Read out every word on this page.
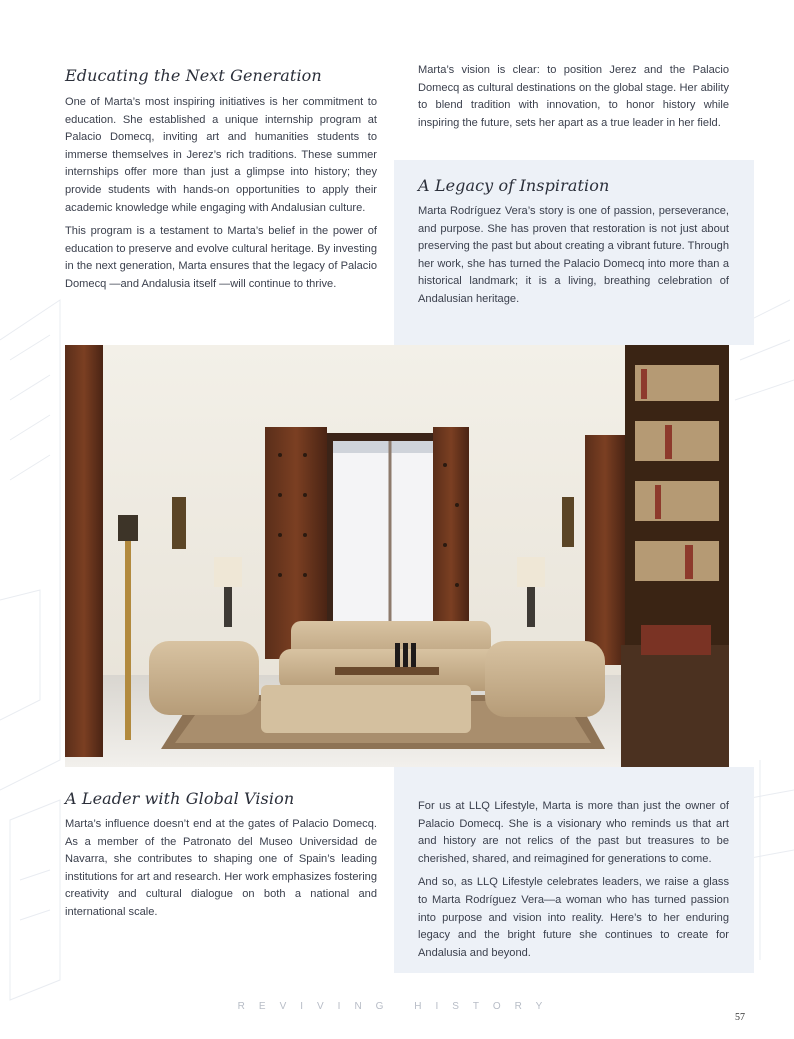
Educating the Next Generation

One of Marta’s most inspiring initiatives is her commitment to education. She established a unique internship program at Palacio Domecq, inviting art and humanities students to immerse themselves in Jerez’s rich traditions. These summer internships offer more than just a glimpse into history; they provide students with hands-on opportunities to apply their academic knowledge while engaging with Andalusian culture.

This program is a testament to Marta’s belief in the power of education to preserve and evolve cultural heritage. By investing in the next generation, Marta ensures that the legacy of Palacio Domecq —and Andalusia itself —will continue to thrive.

Marta’s vision is clear: to position Jerez and the Palacio Domecq as cultural destinations on the global stage. Her ability to blend tradition with innovation, to honor history while inspiring the future, sets her apart as a true leader in her field.

A Legacy of Inspiration

Marta Rodríguez Vera’s story is one of passion, perseverance, and purpose. She has proven that restoration is not just about preserving the past but about creating a vibrant future. Through her work, she has turned the Palacio Domecq into more than a historical landmark; it is a living, breathing celebration of Andalusian heritage.

A Leader with Global Vision

Marta’s influence doesn’t end at the gates of Palacio Domecq. As a member of the Patronato del Museo Universidad de Navarra, she contributes to shaping one of Spain’s leading institutions for art and research. Her work emphasizes fostering creativity and cultural dialogue on both a national and international scale.

For us at LLQ Lifestyle, Marta is more than just the owner of Palacio Domecq. She is a visionary who reminds us that art and history are not relics of the past but treasures to be cherished, shared, and reimagined for generations to come.

And so, as LLQ Lifestyle celebrates leaders, we raise a glass to Marta Rodríguez Vera—a woman who has turned passion into purpose and vision into reality. Here’s to her enduring legacy and the bright future she continues to create for Andalusia and beyond.

REVIVING HISTORY
57
